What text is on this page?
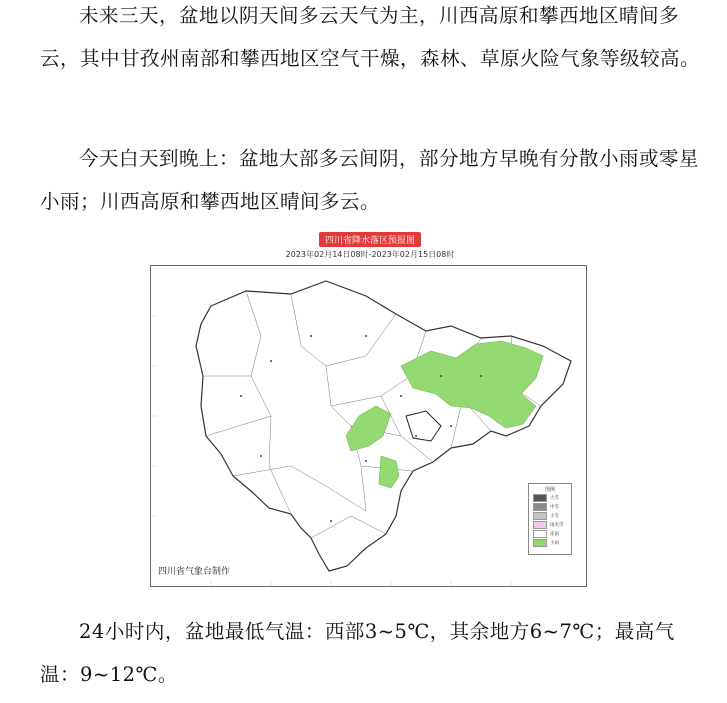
未来三天，盆地以阴天间多云天气为主，川西高原和攀西地区晴间多云，其中甘孜州南部和攀西地区空气干燥，森林、草原火险气象等级较高。

今天白天到晚上：盆地大部多云间阴，部分地方早晚有分散小雨或零星小雨；川西高原和攀西地区晴间多云。

四川省降水落区预报图
2023年02月14日08时-2023年02月15日08时
图例
大雪
中雪
小雪
雨夹雪
冻雨
小雨
四川省气象台制作

24小时内，盆地最低气温：西部3~5℃，其余地方6~7℃；最高气温：9~12℃。
